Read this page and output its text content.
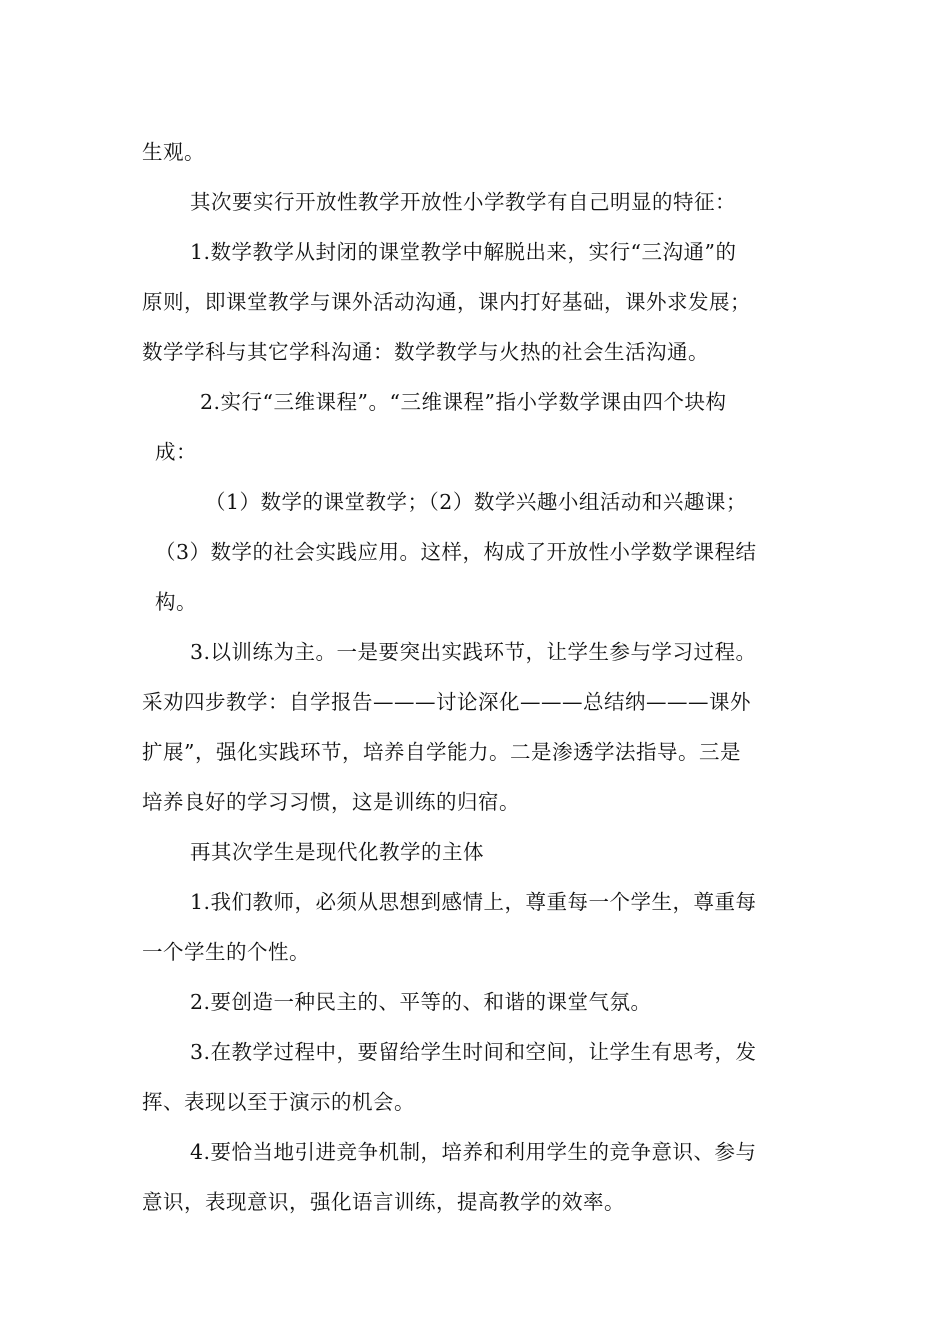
生观。
其次要实行开放性教学开放性小学教学有自己明显的特征：
1.数学教学从封闭的课堂教学中解脱出来，实行“三沟通”的
原则，即课堂教学与课外活动沟通，课内打好基础，课外求发展；
数学学科与其它学科沟通：数学教学与火热的社会生活沟通。
2.实行“三维课程”。“三维课程”指小学数学课由四个块构
成：
（1）数学的课堂教学；（2）数学兴趣小组活动和兴趣课；
（3）数学的社会实践应用。这样，构成了开放性小学数学课程结
构。
3.以训练为主。一是要突出实践环节，让学生参与学习过程。
采劝四步教学：自学报告———讨论深化———总结纳———课外
扩展”，强化实践环节，培养自学能力。二是渗透学法指导。三是
培养良好的学习习惯，这是训练的归宿。
再其次学生是现代化教学的主体
1.我们教师，必须从思想到感情上，尊重每一个学生，尊重每
一个学生的个性。
2.要创造一种民主的、平等的、和谐的课堂气氛。
3.在教学过程中，要留给学生时间和空间，让学生有思考，发
挥、表现以至于演示的机会。
4.要恰当地引进竞争机制，培养和利用学生的竞争意识、参与
意识，表现意识，强化语言训练，提高教学的效率。
